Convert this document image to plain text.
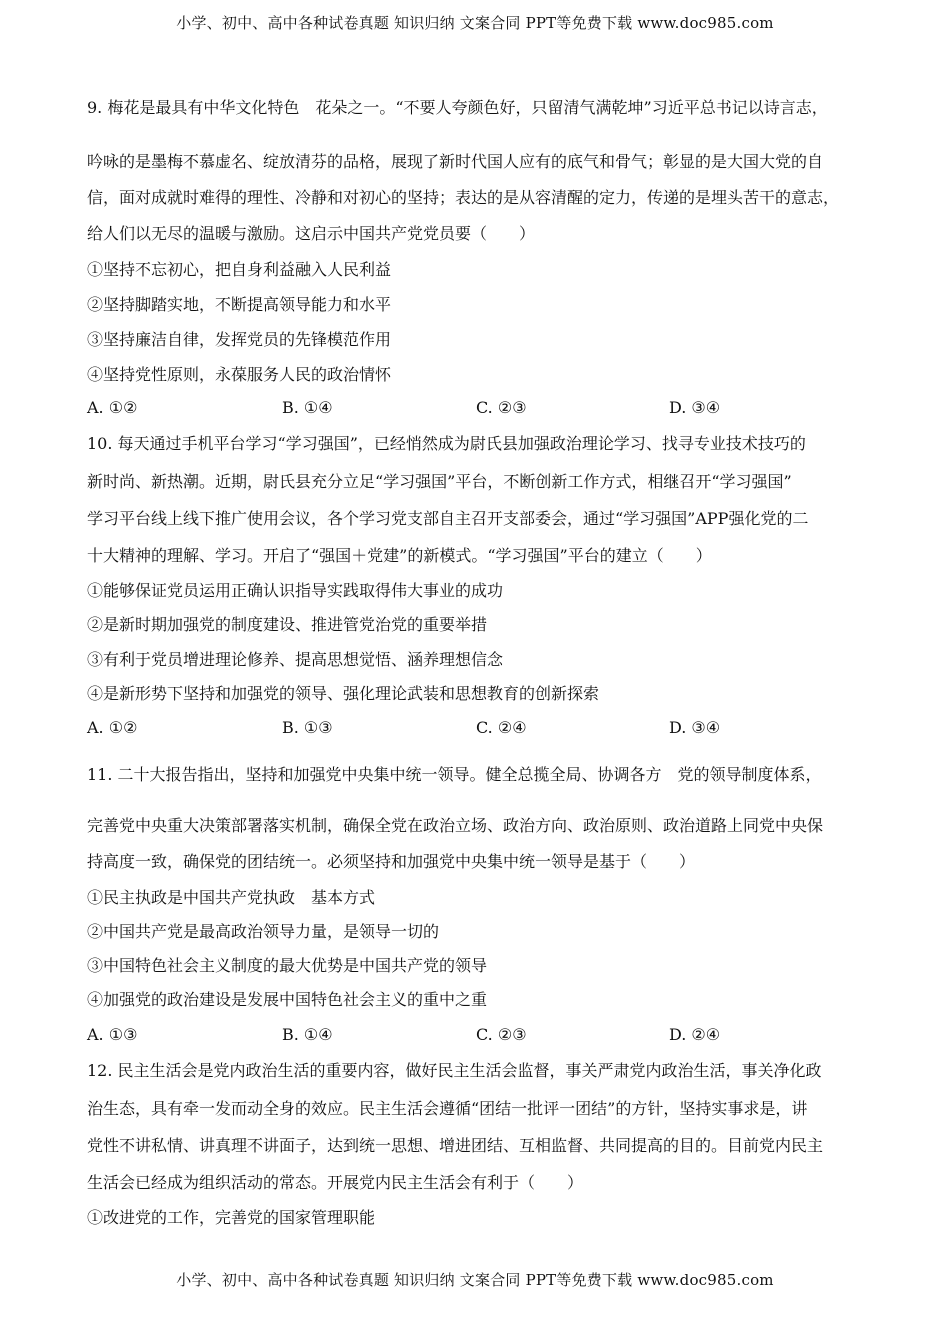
小学、初中、高中各种试卷真题 知识归纳 文案合同 PPT等免费下载 www.doc985.com
9. 梅花是最具有中华文化特色　花朵之一。“不要人夸颜色好，只留清气满乾坤”习近平总书记以诗言志，
吟咏的是墨梅不慕虚名、绽放清芬的品格，展现了新时代国人应有的底气和骨气；彰显的是大国大党的自
信，面对成就时难得的理性、冷静和对初心的坚持；表达的是从容清醒的定力，传递的是埋头苦干的意志，
给人们以无尽的温暖与激励。这启示中国共产党党员要（　　）
①坚持不忘初心，把自身利益融入人民利益
②坚持脚踏实地，不断提高领导能力和水平
③坚持廉洁自律，发挥党员的先锋模范作用
④坚持党性原则，永葆服务人民的政治情怀
A. ①②	B. ①④	C. ②③	D. ③④
10. 每天通过手机平台学习“学习强国”，已经悄然成为尉氏县加强政治理论学习、找寻专业技术技巧的
新时尚、新热潮。近期，尉氏县充分立足“学习强国”平台，不断创新工作方式，相继召开“学习强国”
学习平台线上线下推广使用会议，各个学习党支部自主召开支部委会，通过“学习强国”APP强化党的二
十大精神的理解、学习。开启了“强国＋党建”的新模式。“学习强国”平台的建立（　　）
①能够保证党员运用正确认识指导实践取得伟大事业的成功
②是新时期加强党的制度建设、推进管党治党的重要举措
③有利于党员增进理论修养、提高思想觉悟、涵养理想信念
④是新形势下坚持和加强党的领导、强化理论武装和思想教育的创新探索
A. ①②	B. ①③	C. ②④	D. ③④
11. 二十大报告指出，坚持和加强党中央集中统一领导。健全总揽全局、协调各方　党的领导制度体系，
完善党中央重大决策部署落实机制，确保全党在政治立场、政治方向、政治原则、政治道路上同党中央保
持高度一致，确保党的团结统一。必须坚持和加强党中央集中统一领导是基于（　　）
①民主执政是中国共产党执政　基本方式
②中国共产党是最高政治领导力量，是领导一切的
③中国特色社会主义制度的最大优势是中国共产党的领导
④加强党的政治建设是发展中国特色社会主义的重中之重
A. ①③	B. ①④	C. ②③	D. ②④
12. 民主生活会是党内政治生活的重要内容，做好民主生活会监督，事关严肃党内政治生活，事关净化政
治生态，具有牵一发而动全身的效应。民主生活会遵循“团结一批评一团结”的方针，坚持实事求是，讲
党性不讲私情、讲真理不讲面子，达到统一思想、增进团结、互相监督、共同提高的目的。目前党内民主
生活会已经成为组织活动的常态。开展党内民主生活会有利于（　　）
①改进党的工作，完善党的国家管理职能
小学、初中、高中各种试卷真题 知识归纳 文案合同 PPT等免费下载 www.doc985.com
